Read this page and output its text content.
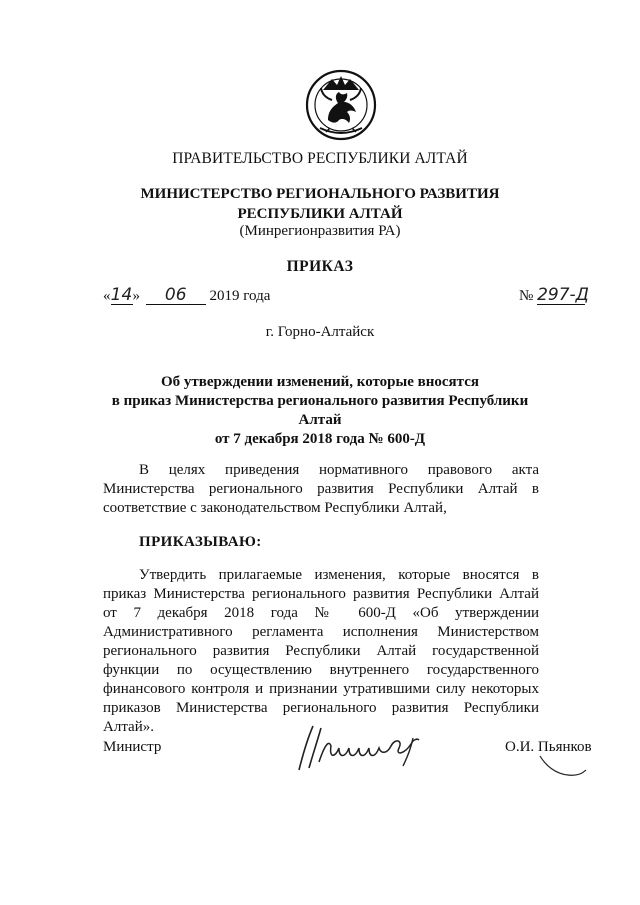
ПРАВИТЕЛЬСТВО РЕСПУБЛИКИ АЛТАЙ
МИНИСТЕРСТВО РЕГИОНАЛЬНОГО РАЗВИТИЯ
РЕСПУБЛИКИ АЛТАЙ
(Минрегионразвития РА)
ПРИКАЗ
«14» 06 2019 года	№ 297-Д
г. Горно-Алтайск
Об утверждении изменений, которые вносятся
в приказ Министерства регионального развития Республики Алтай
от 7 декабря 2018 года № 600-Д
В целях приведения нормативного правового акта Министерства регионального развития Республики Алтай в соответствие с законодательством Республики Алтай,
ПРИКАЗЫВАЮ:
Утвердить прилагаемые изменения, которые вносятся в приказ Министерства регионального развития Республики Алтай от 7 декабря 2018 года № 600-Д «Об утверждении Административного регламента исполнения Министерством регионального развития Республики Алтай государственной функции по осуществлению внутреннего государственного финансового контроля и признании утратившими силу некоторых приказов Министерства регионального развития Республики Алтай».
Министр	О.И. Пьянков
